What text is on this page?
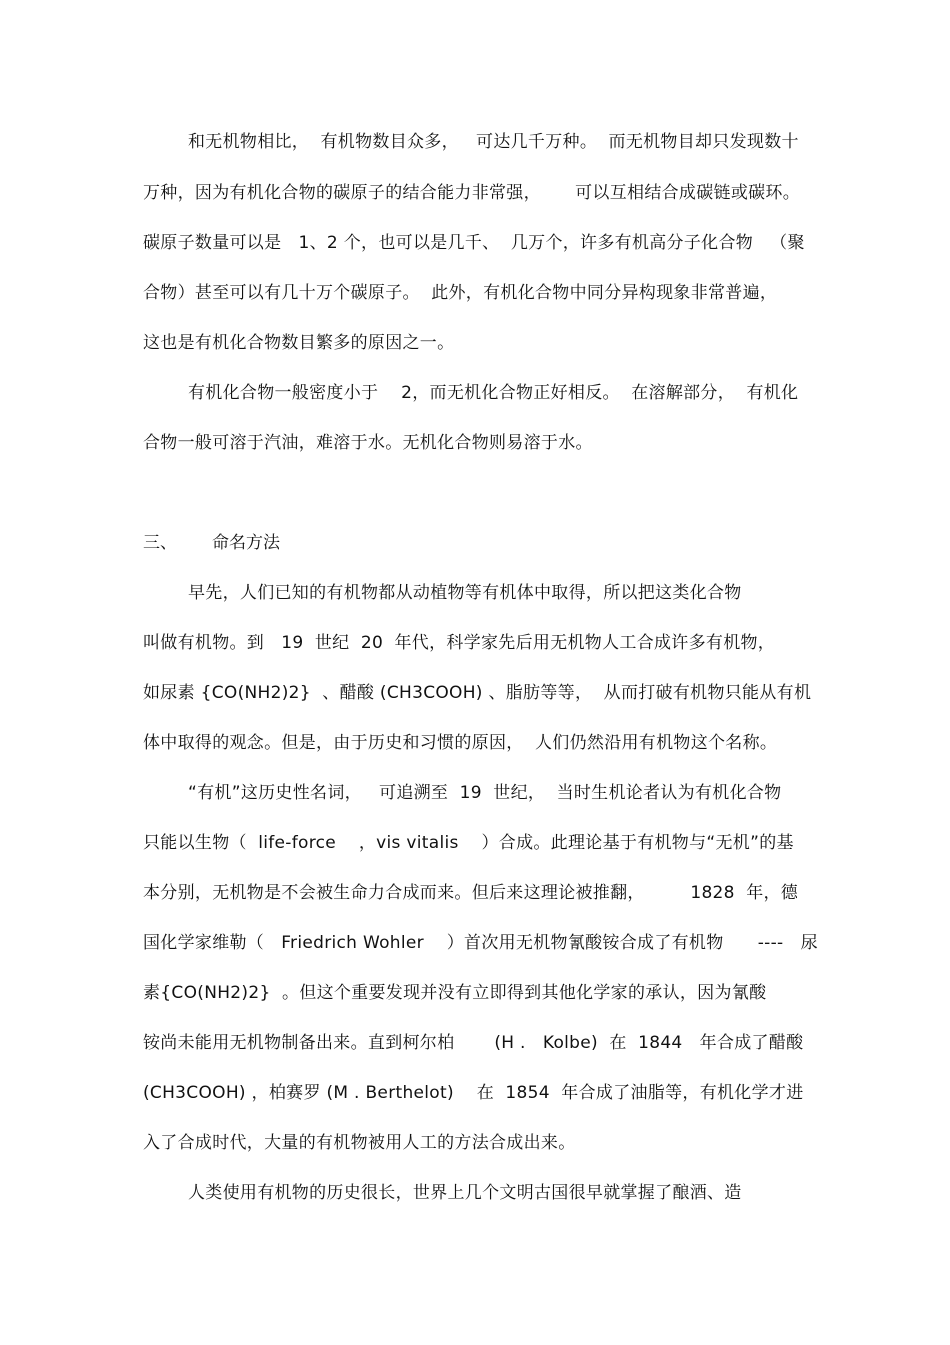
和无机物相比，  有机物数目众多，   可达几千万种。  而无机物目却只发现数十
万种，因为有机化合物的碳原子的结合能力非常强，      可以互相结合成碳链或碳环。
碳原子数量可以是   1、2 个，也可以是几千、  几万个，许多有机高分子化合物   （聚
合物）甚至可以有几十万个碳原子。  此外，有机化合物中同分异构现象非常普遍，
这也是有机化合物数目繁多的原因之一。
有机化合物一般密度小于    2，而无机化合物正好相反。  在溶解部分，  有机化
合物一般可溶于汽油，难溶于水。无机化合物则易溶于水。
三、 命名方法
早先，人们已知的有机物都从动植物等有机体中取得，所以把这类化合物
叫做有机物。到   19  世纪  20  年代，科学家先后用无机物人工合成许多有机物，
如尿素 {CO(NH2)2}  、醋酸 (CH3COOH) 、脂肪等等，  从而打破有机物只能从有机
体中取得的观念。但是，由于历史和习惯的原因，  人们仍然沿用有机物这个名称。
“有机”这历史性名词，   可追溯至  19  世纪，  当时生机论者认为有机化合物
只能以生物（  life-force    ，vis vitalis    ）合成。此理论基于有机物与“无机”的基
本分别，无机物是不会被生命力合成而来。但后来这理论被推翻，        1828  年，德
国化学家维勒（   Friedrich Wohler    ）首次用无机物氰酸铵合成了有机物      ----   尿
素{CO(NH2)2}  。但这个重要发现并没有立即得到其他化学家的承认，因为氰酸
铵尚未能用无机物制备出来。直到柯尔柏       (H .   Kolbe)  在  1844   年合成了醋酸
(CH3COOH) ，柏赛罗 (M . Berthelot)    在  1854  年合成了油脂等，有机化学才进
入了合成时代，大量的有机物被用人工的方法合成出来。
人类使用有机物的历史很长，世界上几个文明古国很早就掌握了酿酒、造
